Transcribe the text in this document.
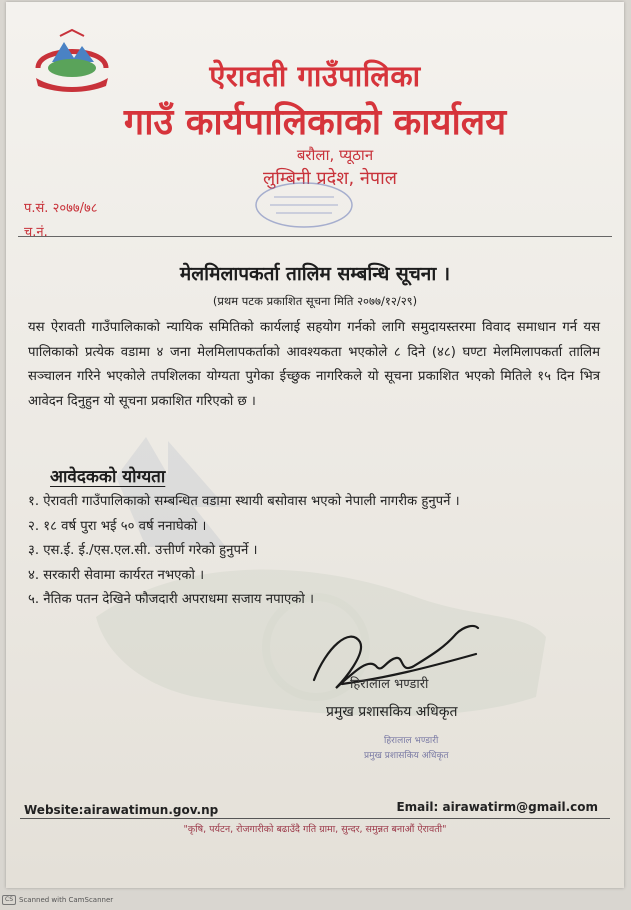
ऐरावती गाउँपालिका
गाउँ कार्यपालिकाको कार्यालय
बरौला, प्यूठान
लुम्बिनी प्रदेश, नेपाल
प.सं. २०७७/७८
च.नं.
मेलमिलापकर्ता तालिम सम्बन्धि सूचना ।
(प्रथम पटक प्रकाशित सूचना मिति २०७७/१२/२९)
यस ऐरावती गाउँपालिकाको न्यायिक समितिको कार्यलाई सहयोग गर्नको लागि समुदायस्तरमा विवाद समाधान गर्न यस पालिकाको प्रत्येक वडामा ४ जना मेलमिलापकर्ताको आवश्यकता भएकोले ८ दिने (४८) घण्टा मेलमिलापकर्ता तालिम सञ्चालन गरिने भएकोले तपशिलका योग्यता पुगेका ईच्छुक नागरिकले यो सूचना प्रकाशित भएको मितिले १५ दिन भित्र आवेदन दिनुहुन यो सूचना प्रकाशित गरिएको छ ।
आवेदकको योग्यता
१. ऐरावती गाउँपालिकाको सम्बन्धित वडामा स्थायी बसोवास भएको नेपाली नागरीक हुनुपर्ने ।
२. १८ वर्ष पुरा भई ५० वर्ष ननाघेको ।
३. एस.ई. ई./एस.एल.सी. उत्तीर्ण गरेको हुनुपर्ने ।
४. सरकारी सेवामा कार्यरत नभएको ।
५. नैतिक पतन देखिने फौजदारी अपराधमा सजाय नपाएको ।
हिरालाल भण्डारी
प्रमुख प्रशासकिय अधिकृत
हिरालाल भण्डारी
प्रमुख प्रशासकिय अधिकृत
Website:airawatimun.gov.np	Email: airawatirm@gmail.com
"कृषि, पर्यटन, रोजगारीको बढाउँदै गति ग्रामा, सुन्दर, समुन्नत बनाऔं ऐरावती"
CS Scanned with CamScanner
